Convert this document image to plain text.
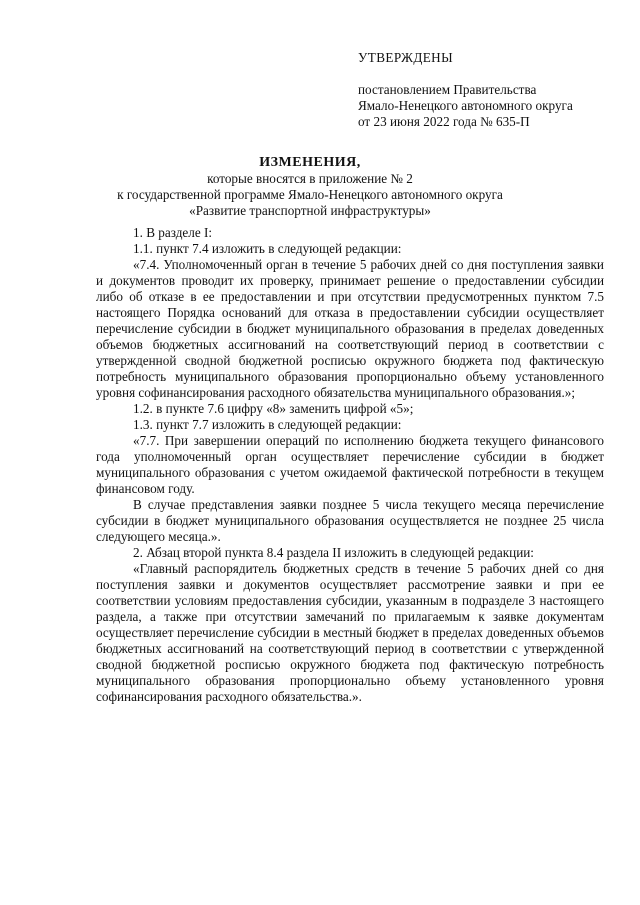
УТВЕРЖДЕНЫ
постановлением Правительства
Ямало-Ненецкого автономного округа
от 23 июня 2022 года № 635-П
ИЗМЕНЕНИЯ,
которые вносятся в приложение № 2
к государственной программе Ямало-Ненецкого автономного округа
«Развитие транспортной инфраструктуры»

1. В разделе I:

1.1. пункт 7.4 изложить в следующей редакции:

«7.4. Уполномоченный орган в течение 5 рабочих дней со дня поступления заявки и документов проводит их проверку, принимает решение о предоставлении субсидии либо об отказе в ее предоставлении и при отсутствии предусмотренных пунктом 7.5 настоящего Порядка оснований для отказа в предоставлении субсидии осуществляет перечисление субсидии в бюджет муниципального образования в пределах доведенных объемов бюджетных ассигнований на соответствующий период в соответствии с утвержденной сводной бюджетной росписью окружного бюджета под фактическую потребность муниципального образования пропорционально объему установленного уровня софинансирования расходного обязательства муниципального образования.»;

1.2. в пункте 7.6 цифру «8» заменить цифрой «5»;

1.3. пункт 7.7 изложить в следующей редакции:

«7.7. При завершении операций по исполнению бюджета текущего финансового года уполномоченный орган осуществляет перечисление субсидии в бюджет муниципального образования с учетом ожидаемой фактической потребности в текущем финансовом году.

В случае представления заявки позднее 5 числа текущего месяца перечисление субсидии в бюджет муниципального образования осуществляется не позднее 25 числа следующего месяца.».

2. Абзац второй пункта 8.4 раздела II изложить в следующей редакции:

«Главный распорядитель бюджетных средств в течение 5 рабочих дней со дня поступления заявки и документов осуществляет рассмотрение заявки и при ее соответствии условиям предоставления субсидии, указанным в подразделе 3 настоящего раздела, а также при отсутствии замечаний по прилагаемым к заявке документам осуществляет перечисление субсидии в местный бюджет в пределах доведенных объемов бюджетных ассигнований на соответствующий период в соответствии с утвержденной сводной бюджетной росписью окружного бюджета под фактическую потребность муниципального образования пропорционально объему установленного уровня софинансирования расходного обязательства.».
